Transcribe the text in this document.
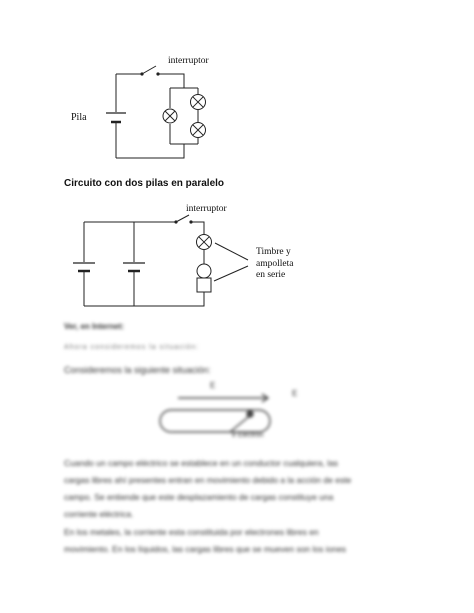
interruptor
Pila
Circuito con dos pilas en paralelo
interruptor
Timbre y
ampolleta
en serie
Ver, en Internet:
Ahora consideremos la situación:
Consideremos la siguiente situación:
E
E
e Electrón
Cuando un campo eléctrico se establece en un conductor cualquiera, las
cargas libres ahí presentes entran en movimiento debido a la acción de este
campo. Se entiende que este desplazamiento de cargas constituye una
corriente eléctrica.
En los metales, la corriente esta constituida por electrones libres en
movimiento. En los líquidos, las cargas libres que se mueven son los iones
